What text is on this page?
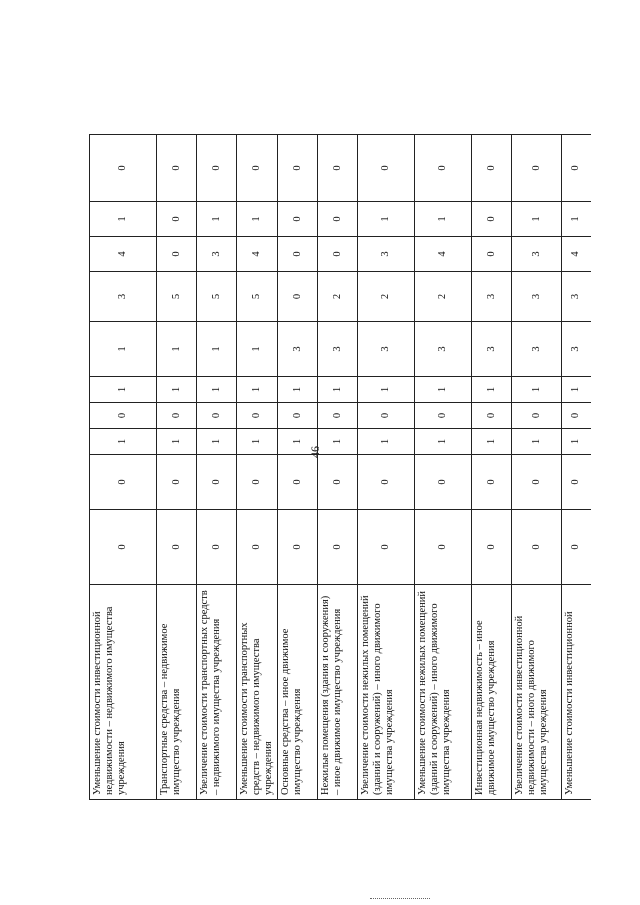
46
Уменьшение стоимости инвестиционной недвижимости – недвижимого имущества учреждения	0	0	1	0	1	1	3	4	1	0
Транспортные средства – недвижимое имущество учреждения	0	0	1	0	1	1	5	0	0	0
Увеличение стоимости транспортных средств – недвижимого имущества учреждения	0	0	1	0	1	1	5	3	1	0
Уменьшение стоимости транспортных средств – недвижимого имущества учреждения	0	0	1	0	1	1	5	4	1	0
Основные средства – иное движимое имущество учреждения	0	0	1	0	1	3	0	0	0	0
Нежилые помещения (здания и сооружения) – иное движимое имущество учреждения	0	0	1	0	1	3	2	0	0	0
Увеличение стоимости нежилых помещений (зданий и сооружений) – иного движимого имущества учреждения	0	0	1	0	1	3	2	3	1	0
Уменьшение стоимости нежилых помещений (зданий и сооружений) – иного движимого имущества учреждения	0	0	1	0	1	3	2	4	1	0
Инвестиционная недвижимость – иное движимое имущество учреждения	0	0	1	0	1	3	3	0	0	0
Увеличение стоимости инвестиционной недвижимости – иного движимого имущества учреждения	0	0	1	0	1	3	3	3	1	0
Уменьшение стоимости инвестиционной	0	0	1	0	1	3	3	4	1	0
